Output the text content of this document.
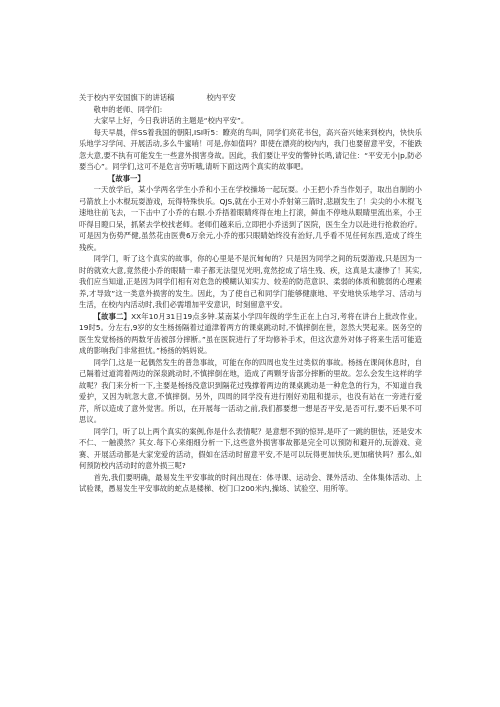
关于校内平安国旗下的讲话稿	校内平安

敬申的老师、同学们:

大家早上好，今日我讲话的主题是“校内平安”。

每天早晨，伴SS着我国的朝阳,ISI听5：瞭亮的鸟叫，同学们亮花书包，高兴奋兴她来到校内，快快乐乐地学习学问、开展活动,多么牛蜜哨！可是,你如值吗？即使在漂亮的校内内，我门也要留意平安，不能跌忽大意,要不执有可能发生一些意外损害身故。因此，我们要让平安的警钟长鸣,请记住：“平安无小|p,防必要当心”。同学们,这可不是危言劳听哦,请听下面这两个真实的故事吧。

【故事一】

一天放学后，某小学两名学生小乔和小王在学校操场一起玩耍。小王把小乔当作划子，取出自制的小弓箭放上小木棍玩耍游戏，玩得特殊快乐。QJS,就在小王对小乔射第三箭时,悲剧发生了！尖尖的小木棍飞速地往前飞去，一下击中了小乔的右眼.小乔捂着眼睛疼得在地上打滚，鲜血不停地从眼睛里流出来，小王吓得目瞪口呆，抓紧去学校找老师。老师们越来后,立即把小乔送到了医院，医生全力以赴进行抢救治疗。可是因为伤势严健,虽然花由医费6万余元,小乔的那只眼睛始终没有治好,几乎看不见任何东西,造成了终生残疾。

同学门，听了这个真实的故事，你的心里是不是沉甸甸的？只是因为同学之间的玩耍游戏,只是因为一时的就欢大意,竟然使小乔的眼睛一辈子都无法望见光明,竟然挖成了培生残、疾，这真是太凄惨了！其实,我们应当知道,正是因为同学们相有对危急的模糊认知实力、较差的防范意识、柔弱的体质和脆弱的心理素养,才导致”这一类意外损害的发生。因此，为了使自己和同学门能够健康地、平安地快乐地学习、活动与生活，在校内内活动时,我们必需增加平安意识，时刻留意平安。

【故事二】XX年10月31日19点多钟.某南某小学四年级的学生正在上白习,考将在讲台上批改作业。19时5。分左右,9岁的女生杨扬隔着过道津着两方的课桌跳动时,不慎摔倒在世，忽然大哭起来。医务空的医生发觉杨扬的两数牙齿被部分摔断。”虽在医院进行了牙均修补手术，但这次意外对体子将来生活可能造成的影响我门非常担忧。”杨扬的妈妈说。

同学门,这是一起偶然发生的普急事故，可能在你的四周也发生过类似的事故。杨扬在课间休息时，自己隔着过道湾着两边的深泉跳动时,不慎摔倒在地，造成了两颗牙齿部分摔断的里故。怎么会发生这样的学故呢？我门来分析一下,主要是杨扬没意识到隔花过残撑着两边的课桌跳动是一种危急的行为，不知道自我爱护，又因为吭忽大意,不慎摔倒。另外，四周的同学没有进行刚好劝阻和提示，也没有站在一旁进行爱芹，所以造成了意外觉害。所以，在开展每一活动之前,我们都要想一想是否平安,是否可行,要不后果不可思议。

同学门，听了以上两个真实的案例,你是什么表情呢？是意想不到的惊异,是吓了一跳的胆怯，还是安木不仁、一触漠然？其女.每下心来细细分析一下,这些意外损害事故都是完全可以预防和避开的,玩游戏、竞赛、开展活动都是大家宠爱的活动，假如在活动时留意平安,不是可以玩得更加快乐,更加痛快吗？那么,如何预防校内活动时的意外损三呢?

首先,我们要明确，最易发生平安事故的时间出现在：体寻课、运动会、课外活动、全体集体活动、上试验课，愚易发生平安事故的蛇点是楼梯、校门口200米内,操场、试验空、用所等。
